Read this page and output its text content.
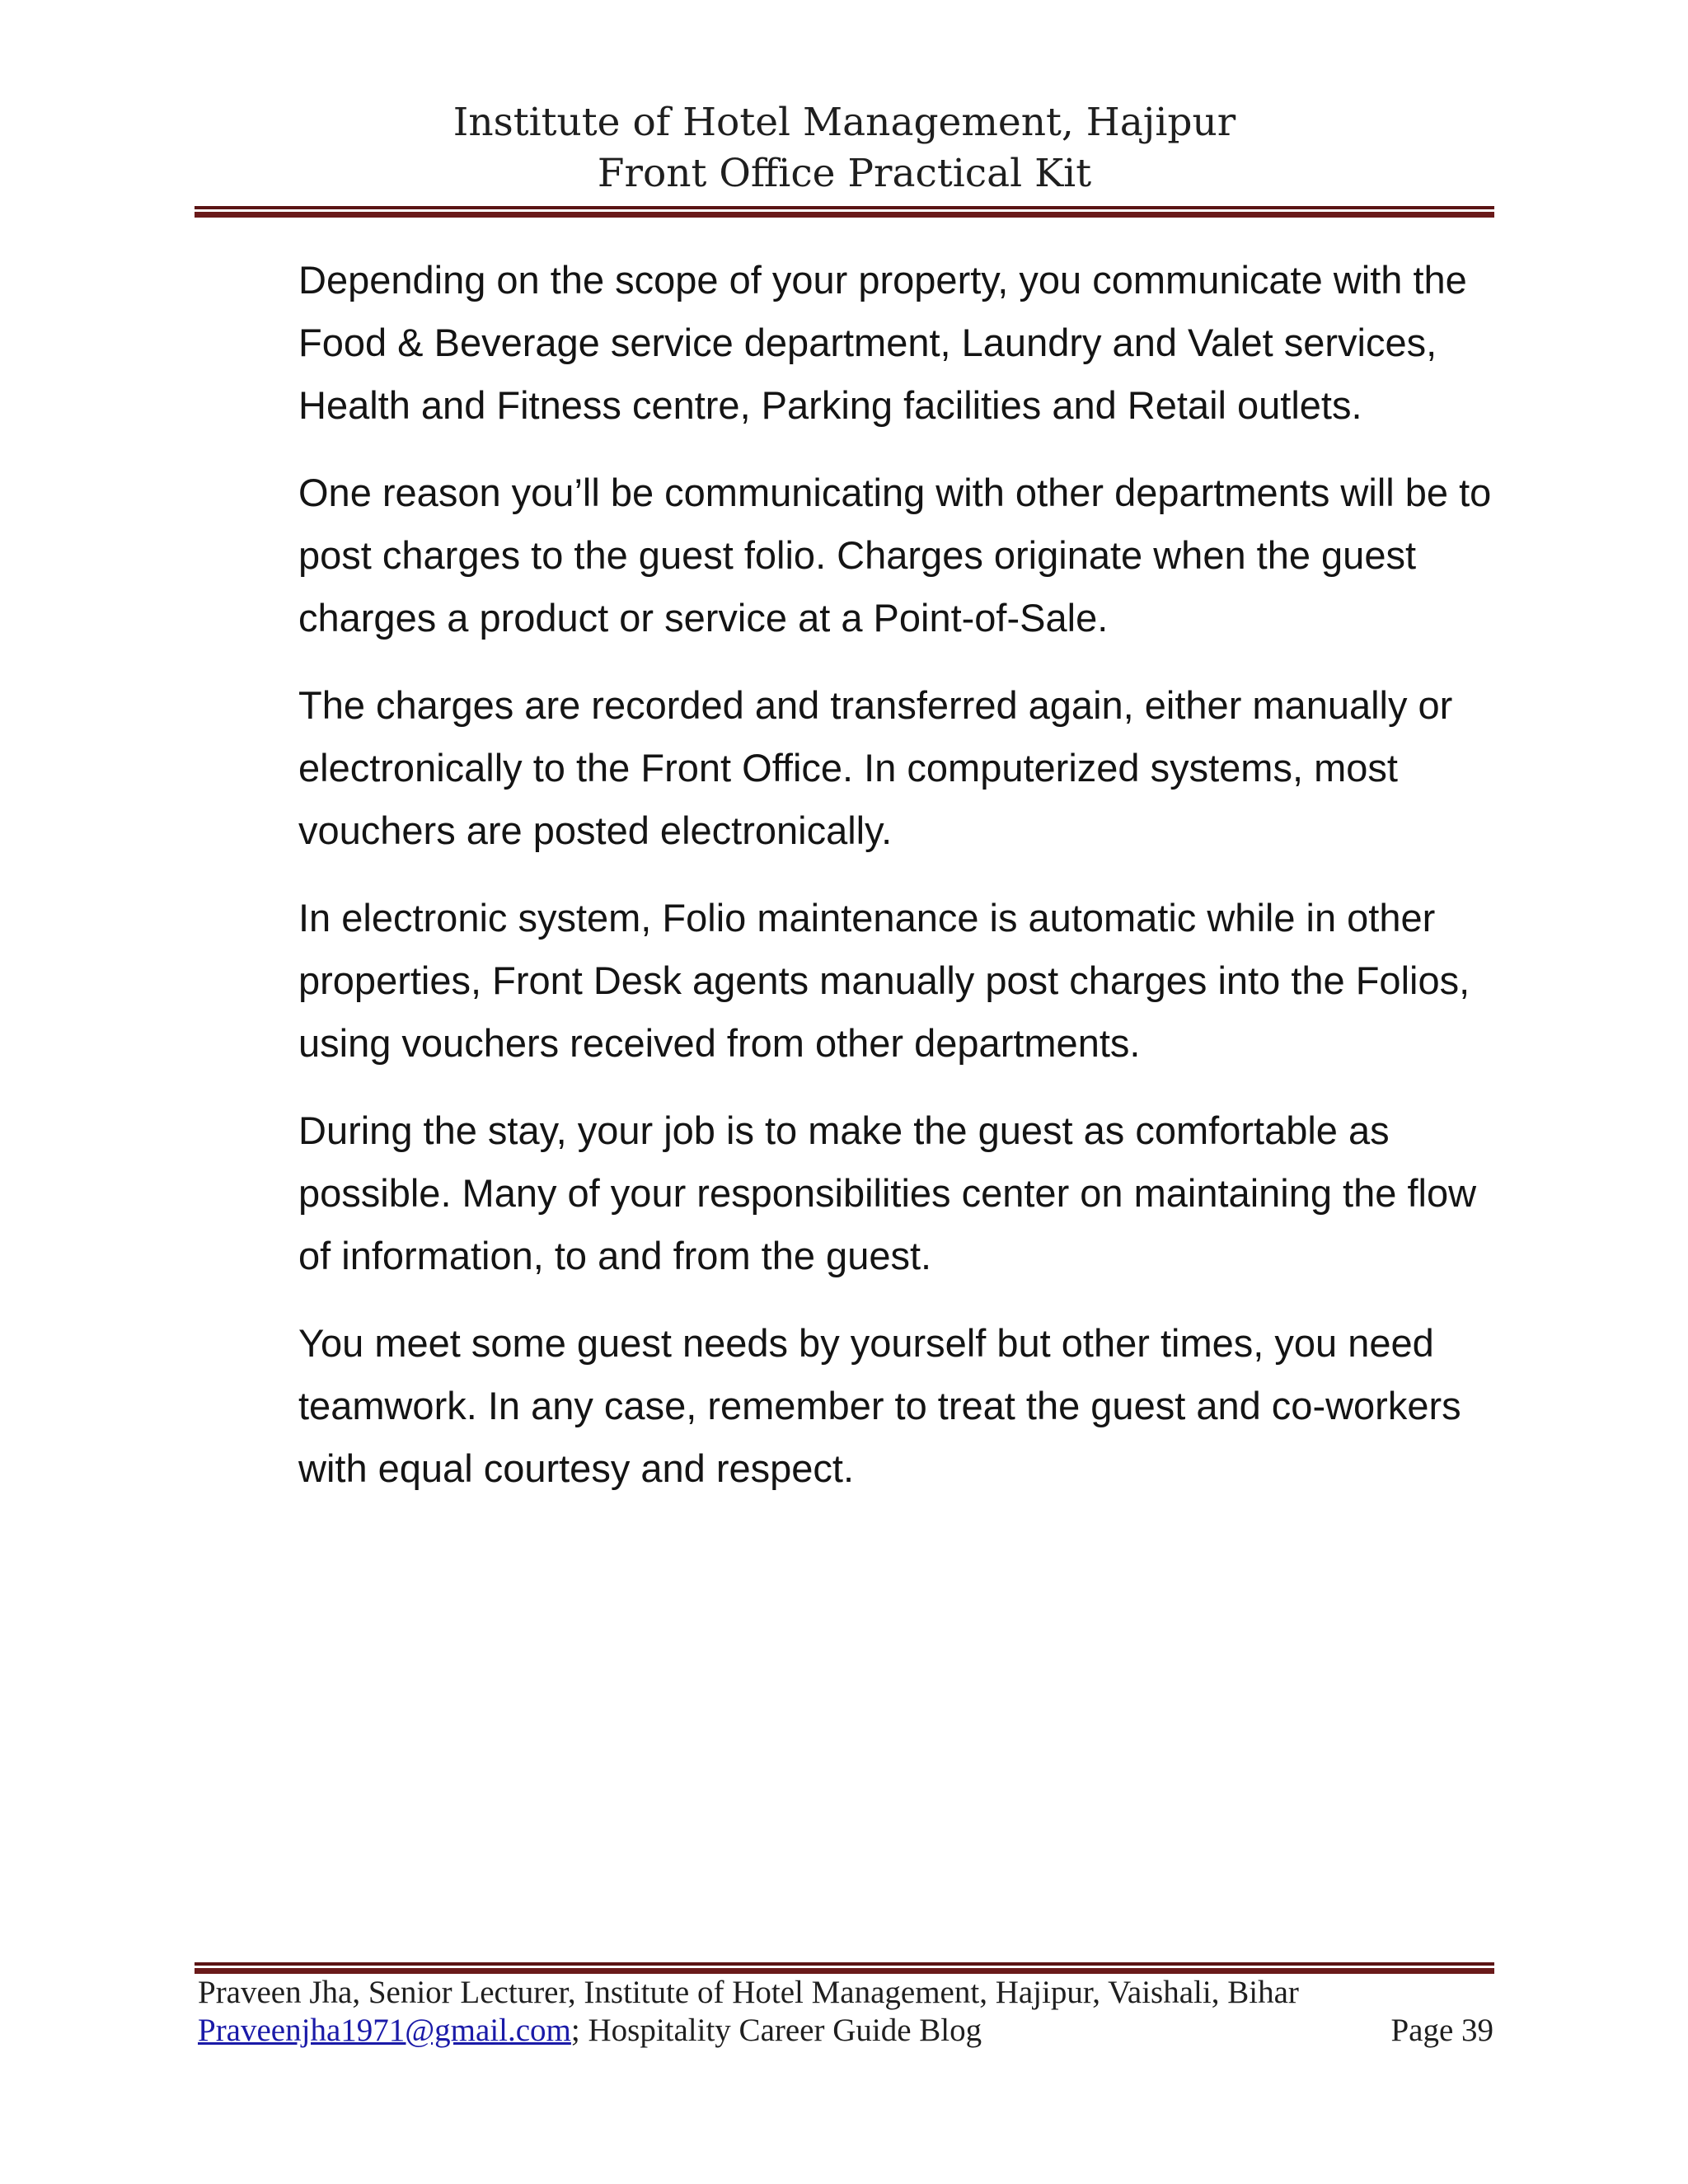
Institute of Hotel Management, Hajipur
Front Office Practical Kit

Depending on the scope of your property, you communicate with the Food & Beverage service department, Laundry and Valet services, Health and Fitness centre, Parking facilities and Retail outlets.

One reason you’ll be communicating with other departments will be to post charges to the guest folio. Charges originate when the guest charges a product or service at a Point-of-Sale.

The charges are recorded and transferred again, either manually or electronically to the Front Office. In computerized systems, most vouchers are posted electronically.

In electronic system, Folio maintenance is automatic while in other properties, Front Desk agents manually post charges into the Folios, using vouchers received from other departments.

During the stay, your job is to make the guest as comfortable as possible. Many of your responsibilities center on maintaining the flow of information, to and from the guest.

You meet some guest needs by yourself but other times, you need teamwork. In any case, remember to treat the guest and co-workers with equal courtesy and respect.

Praveen Jha, Senior Lecturer, Institute of Hotel Management, Hajipur, Vaishali, Bihar
Praveenjha1971@gmail.com; Hospitality Career Guide Blog	Page 39
